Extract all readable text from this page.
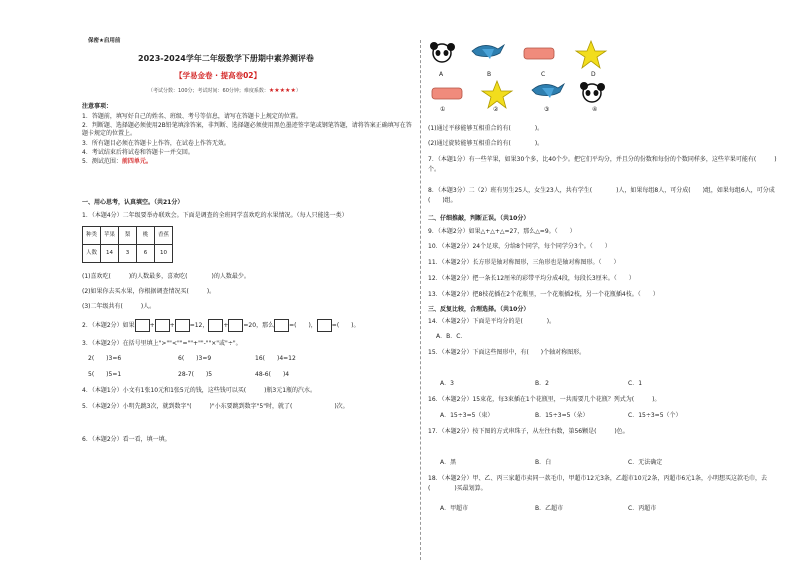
保密★启用前
2023-2024学年二年级数学下册期中素养测评卷
【学易金卷 · 提高卷02】
（考试分数：100分；考试时间：60分钟；难度系数：★★★★★）
注意事项：
1．答题前，填写好自己的姓名、班级、考号等信息，请写在答题卡上规定的位置。
2．判断题、选择题必须使用2B铅笔填涂答案，非判断、选择题必须使用黑色墨迹签字笔或钢笔答题，请将答案正确填写在答题卡规定的位置上。
3．所有题目必须在答题卡上作答，在试卷上作答无效。
4．考试结束后将试卷和答题卡一并交回。
5．测试范围：前四单元。
一、用心思考，认真填空。（共21分）
1．（本题4分）二年级要举办联欢会。下面是调查的全班同学喜欢吃的水果情况。（每人只能选一类）
种类	苹果	梨	桃	香蕉
人数	14	3	6	10
(1)喜欢吃(　　　)的人数最多，喜欢吃(　　　　)的人数最少。
(2)如果你去买水果，你根据调查情况买(　　　)。
(3)二年级共有(　　　)人。
2．（本题2分）如果	+	+	=12，	+	=20，那么	=(　　)，	=(　　)。
3．（本题2分）在括号里填上">""<""=""+""-""×"或"÷"。
2(　　)3=6	6(　　)3=9	16(　　)4=12
5(　　)5=1	28-7(　　)5	48-6(　　)4
4．（本题1分）小文有1张10元和1张5元的钱，这些钱可以买(　　　)瓶3元1瓶的汽水。
5．（本题2分）小明先跳3次，就到数字"(　　　)"小东要跳到数字"5"时，就了(　　　　　　　)次。
6．（本题2分）看一看，填一填。
A	B	C	D
①	②	③	④
(1)通过平移能够互相重合的有(　　　　)。
(2)通过旋转能够互相重合的有(　　　　)。
7．（本题1分）有一些苹果，如果30个多，比40个少。把它们平均分，并且分的份数和每份的个数同样多，这些苹果可能有(　　　)个。
8．（本题3分）二（2）班有男生25人，女生23人，共有学生(　　　　)人，如果每组8人，可分成(　　)组，如果每组6人，可分成(　　)组。
二、仔细推敲，判断正误。（共10分）
9．（本题2分）如果△+△+△=27，那么△=9。（　　）
10．（本题2分）24个足球，分给8个同学，每个同学分3个。（　　）
11．（本题2分）长方形是轴对称图形，三角形也是轴对称图形。（　　）
12．（本题2分）把一条长12厘米的彩带平均分成4段，每段长3厘米。（　　）
13．（本题2分）把8枝花插在2个花瓶里，一个花瓶插2枝，另一个花瓶插4枝。（　　）
三、反复比较，合理选择。（共10分）
14．（本题2分）下面是平均分的是(　　　　)。
A．B．C．
15．（本题2分）下面这些图形中，有(　　)个轴对称图形。
A．3	B．2	C．1
16．（本题2分）15束花，每3束插在1个花瓶里，一共需要几个花瓶？列式为(　　　)。
A．15÷3=5（束）	B．15÷3=5（朵）	C．15÷3=5（个）
17．（本题2分）按下图的方式串珠子，从左往右数，第56颗是(　　　)色。
A．黑	B．白	C．无法确定
18．（本题2分）甲、乙、丙三家超市卖同一款毛巾，甲超市12元3条，乙超市10元2条，丙超市6元1条，小明想买这款毛巾，去(　　　　)买最划算。
A．甲超市	B．乙超市	C．丙超市
